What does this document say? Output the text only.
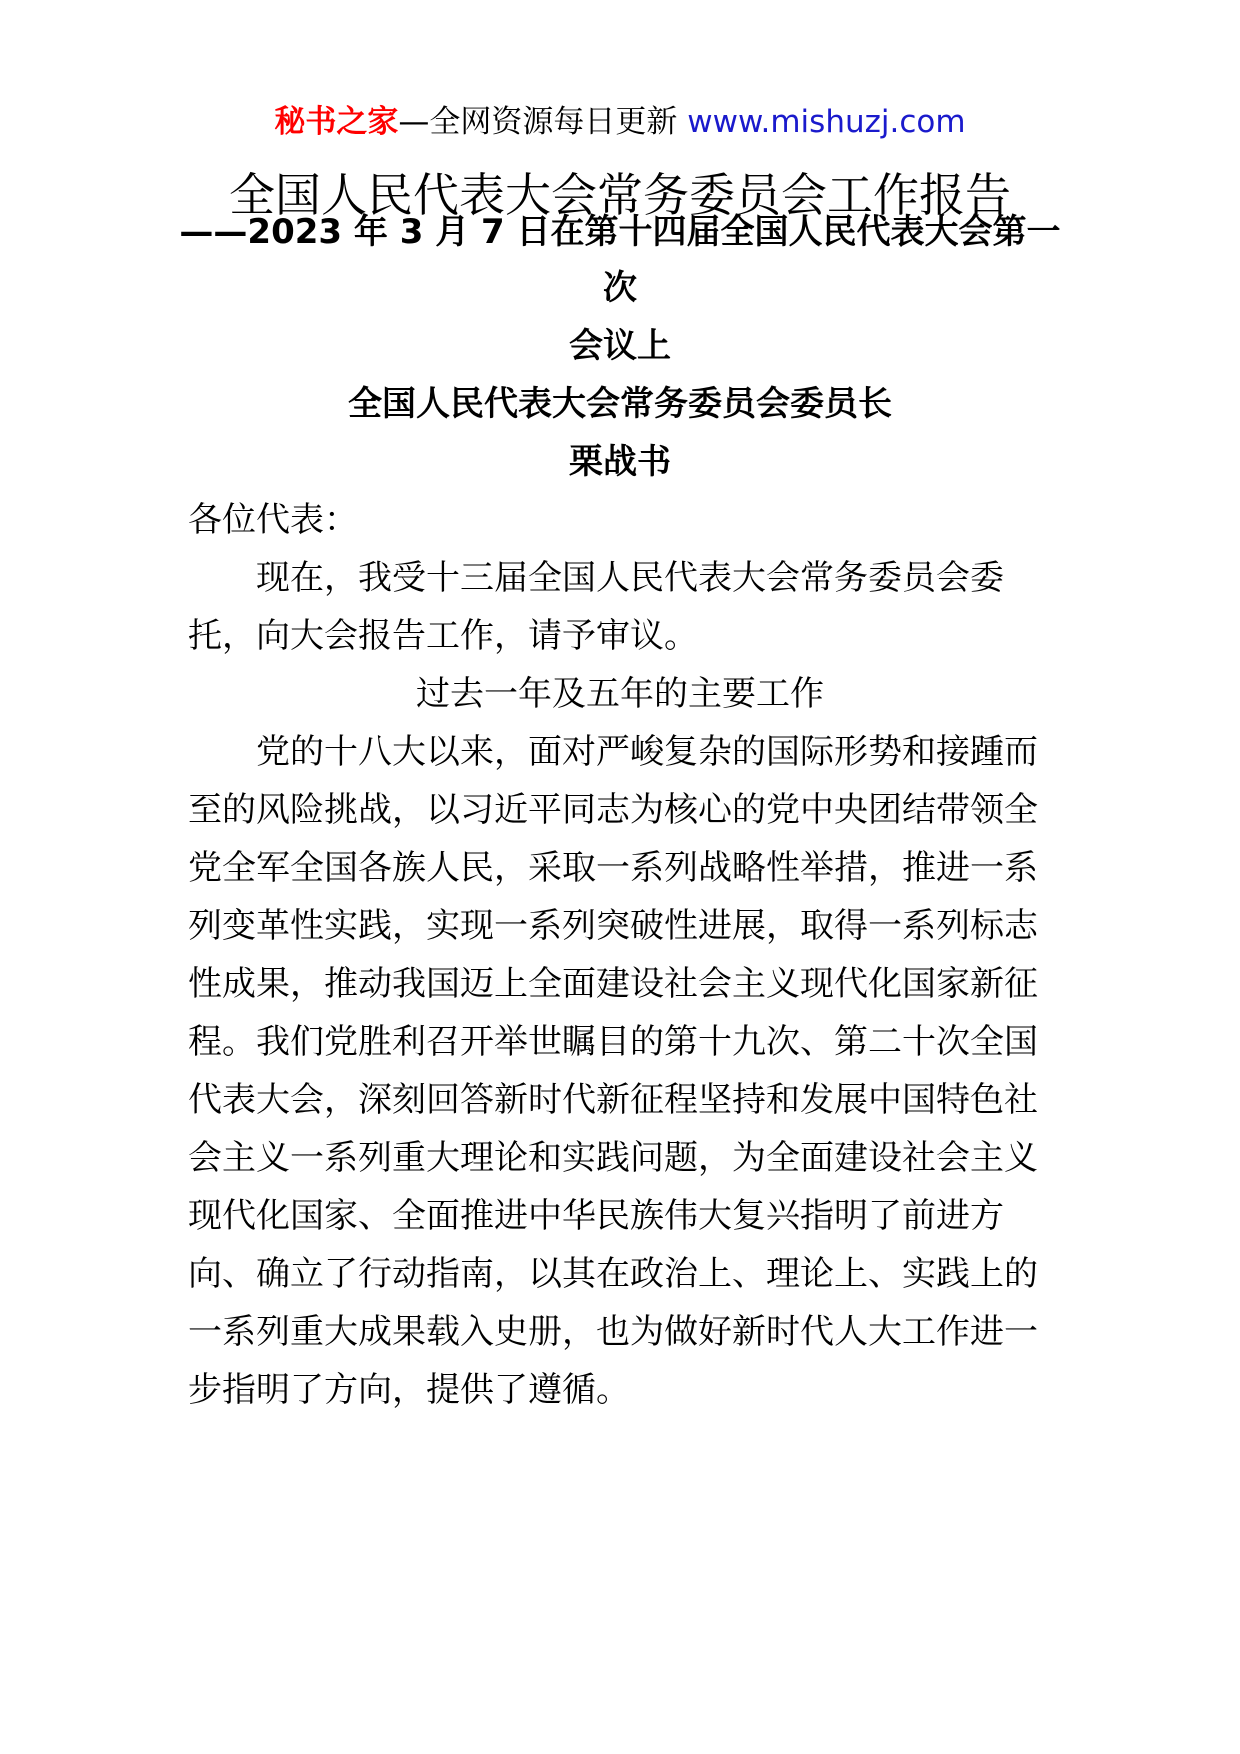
秘书之家—全网资源每日更新 www.mishuzj.com
全国人民代表大会常务委员会工作报告
——2023 年 3 月 7 日在第十四届全国人民代表大会第一
次
会议上
全国人民代表大会常务委员会委员长
栗战书
各位代表：
现在，我受十三届全国人民代表大会常务委员会委
托，向大会报告工作，请予审议。
过去一年及五年的主要工作
党的十八大以来，面对严峻复杂的国际形势和接踵而
至的风险挑战，以习近平同志为核心的党中央团结带领全
党全军全国各族人民，采取一系列战略性举措，推进一系
列变革性实践，实现一系列突破性进展，取得一系列标志
性成果，推动我国迈上全面建设社会主义现代化国家新征
程。我们党胜利召开举世瞩目的第十九次、第二十次全国
代表大会，深刻回答新时代新征程坚持和发展中国特色社
会主义一系列重大理论和实践问题，为全面建设社会主义
现代化国家、全面推进中华民族伟大复兴指明了前进方
向、确立了行动指南，以其在政治上、理论上、实践上的
一系列重大成果载入史册，也为做好新时代人大工作进一
步指明了方向，提供了遵循。
